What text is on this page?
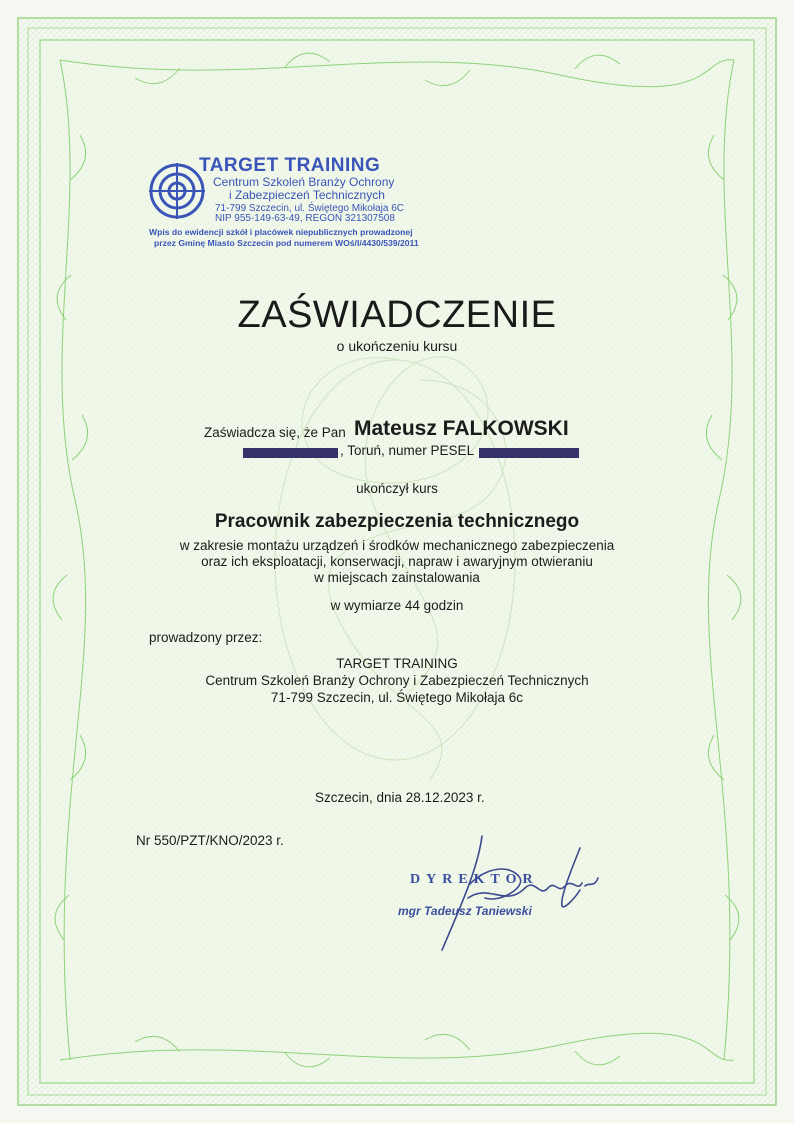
TARGET TRAINING
Centrum Szkoleń Branży Ochrony
i Zabezpieczeń Technicznych
71-799 Szczecin, ul. Świętego Mikołaja 6C
NIP 955-149-63-49, REGON 321307508
Wpis do ewidencji szkół i placówek niepublicznych prowadzonej
przez Gminę Miasto Szczecin pod numerem WOś/I/4430/539/2011
ZAŚWIADCZENIE
o ukończeniu kursu
Zaświadcza się, że Pan Mateusz FALKOWSKI
, Toruń, numer PESEL
ukończył kurs
Pracownik zabezpieczenia technicznego
w zakresie montażu urządzeń i środków mechanicznego zabezpieczenia
oraz ich eksploatacji, konserwacji, napraw i awaryjnym otwieraniu
w miejscach zainstalowania
w wymiarze 44 godzin
prowadzony przez:
TARGET TRAINING
Centrum Szkoleń Branży Ochrony i Zabezpieczeń Technicznych
71-799 Szczecin, ul. Świętego Mikołaja 6c
Szczecin, dnia 28.12.2023 r.
Nr 550/PZT/KNO/2023 r.
DYREKTOR
mgr Tadeusz Taniewski
